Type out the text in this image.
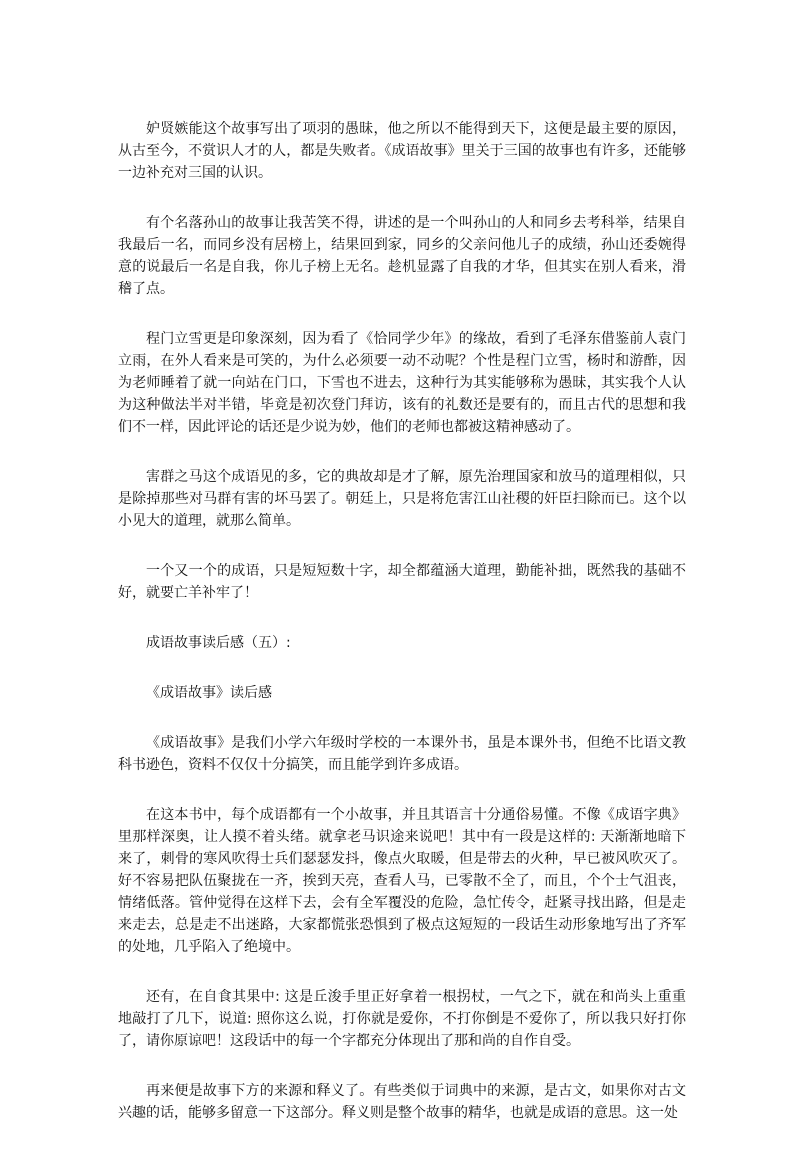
妒贤嫉能这个故事写出了项羽的愚昧，他之所以不能得到天下，这便是最主要的原因，从古至今，不赏识人才的人，都是失败者。《成语故事》里关于三国的故事也有许多，还能够一边补充对三国的认识。

有个名落孙山的故事让我苦笑不得，讲述的是一个叫孙山的人和同乡去考科举，结果自我最后一名，而同乡没有居榜上，结果回到家，同乡的父亲问他儿子的成绩，孙山还委婉得意的说最后一名是自我，你儿子榜上无名。趁机显露了自我的才华，但其实在别人看来，滑稽了点。

程门立雪更是印象深刻，因为看了《恰同学少年》的缘故，看到了毛泽东借鉴前人袁门立雨，在外人看来是可笑的，为什么必须要一动不动呢？个性是程门立雪，杨时和游酢，因为老师睡着了就一向站在门口，下雪也不进去，这种行为其实能够称为愚昧，其实我个人认为这种做法半对半错，毕竟是初次登门拜访，该有的礼数还是要有的，而且古代的思想和我们不一样，因此评论的话还是少说为妙，他们的老师也都被这精神感动了。

害群之马这个成语见的多，它的典故却是才了解，原先治理国家和放马的道理相似，只是除掉那些对马群有害的坏马罢了。朝廷上，只是将危害江山社稷的奸臣扫除而已。这个以小见大的道理，就那么简单。

一个又一个的成语，只是短短数十字，却全都蕴涵大道理，勤能补拙，既然我的基础不好，就要亡羊补牢了！

成语故事读后感（五）:

《成语故事》读后感

《成语故事》是我们小学六年级时学校的一本课外书，虽是本课外书，但绝不比语文教科书逊色，资料不仅仅十分搞笑，而且能学到许多成语。

在这本书中，每个成语都有一个小故事，并且其语言十分通俗易懂。不像《成语字典》里那样深奥，让人摸不着头绪。就拿老马识途来说吧！其中有一段是这样的: 天渐渐地暗下来了，刺骨的寒风吹得士兵们瑟瑟发抖，像点火取暖，但是带去的火种，早已被风吹灭了。好不容易把队伍聚拢在一齐，挨到天亮，查看人马，已零散不全了，而且，个个士气沮丧，情绪低落。管仲觉得在这样下去，会有全军覆没的危险，急忙传令，赶紧寻找出路，但是走来走去，总是走不出迷路，大家都慌张恐惧到了极点这短短的一段话生动形象地写出了齐军的处地，几乎陷入了绝境中。

还有，在自食其果中: 这是丘浚手里正好拿着一根拐杖，一气之下，就在和尚头上重重地敲打了几下，说道: 照你这么说，打你就是爱你，不打你倒是不爱你了，所以我只好打你了，请你原谅吧！这段话中的每一个字都充分体现出了那和尚的自作自受。

再来便是故事下方的来源和释义了。有些类似于词典中的来源，是古文，如果你对古文兴趣的话，能够多留意一下这部分。释义则是整个故事的精华，也就是成语的意思。这一处
